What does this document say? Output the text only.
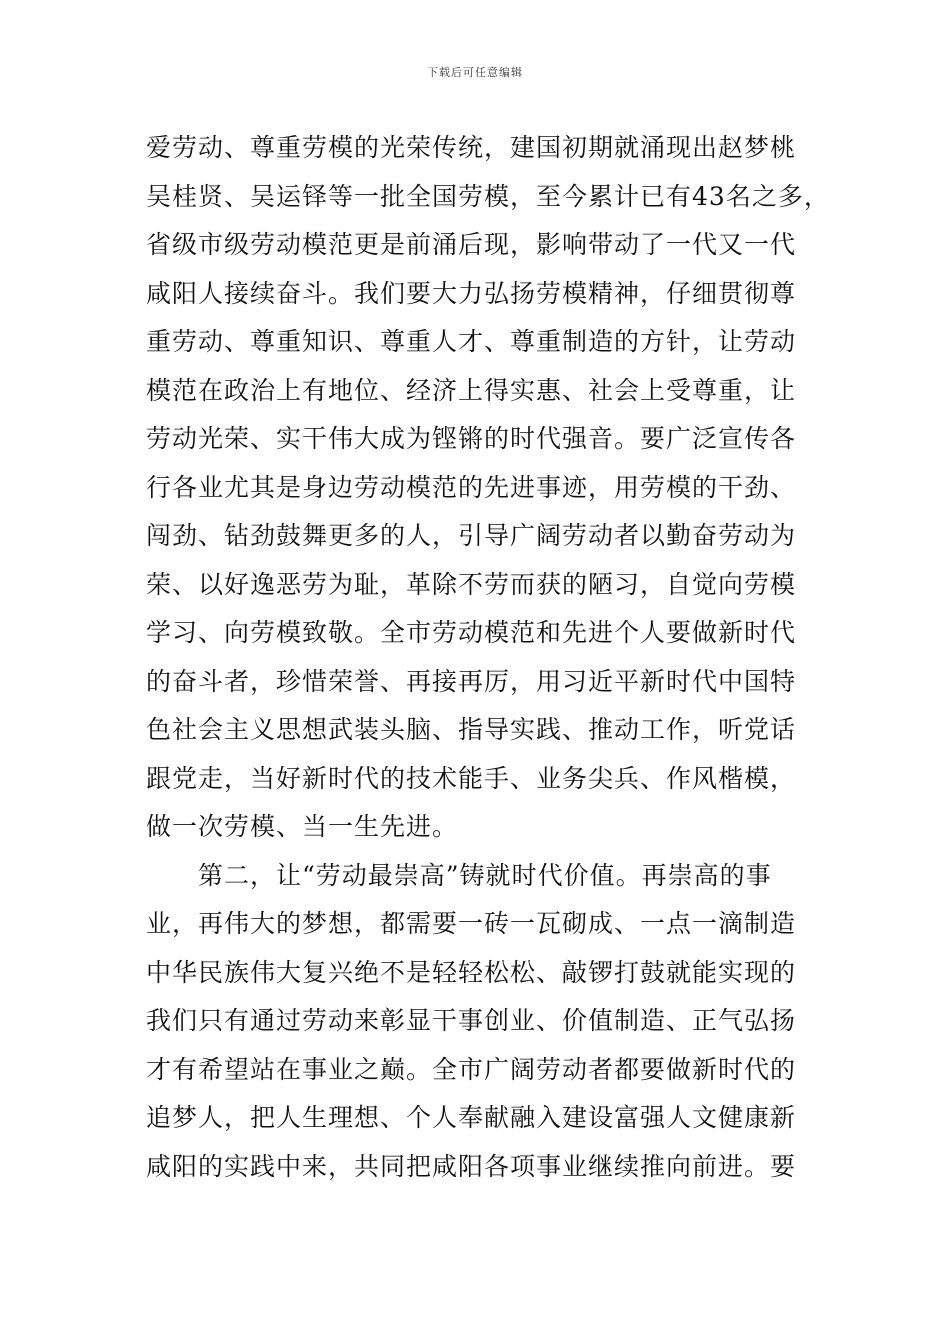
下载后可任意编辑
爱劳动、尊重劳模的光荣传统，建国初期就涌现出赵梦桃
吴桂贤、吴运铎等一批全国劳模，至今累计已有43名之多，
省级市级劳动模范更是前涌后现，影响带动了一代又一代
咸阳人接续奋斗。我们要大力弘扬劳模精神，仔细贯彻尊
重劳动、尊重知识、尊重人才、尊重制造的方针，让劳动
模范在政治上有地位、经济上得实惠、社会上受尊重，让
劳动光荣、实干伟大成为铿锵的时代强音。要广泛宣传各
行各业尤其是身边劳动模范的先进事迹，用劳模的干劲、
闯劲、钻劲鼓舞更多的人，引导广阔劳动者以勤奋劳动为
荣、以好逸恶劳为耻，革除不劳而获的陋习，自觉向劳模
学习、向劳模致敬。全市劳动模范和先进个人要做新时代
的奋斗者，珍惜荣誉、再接再厉，用习近平新时代中国特
色社会主义思想武装头脑、指导实践、推动工作，听党话
跟党走，当好新时代的技术能手、业务尖兵、作风楷模，
做一次劳模、当一生先进。
第二，让“劳动最崇高”铸就时代价值。再崇高的事
业，再伟大的梦想，都需要一砖一瓦砌成、一点一滴制造
中华民族伟大复兴绝不是轻轻松松、敲锣打鼓就能实现的
我们只有通过劳动来彰显干事创业、价值制造、正气弘扬
才有希望站在事业之巅。全市广阔劳动者都要做新时代的
追梦人，把人生理想、个人奉献融入建设富强人文健康新
咸阳的实践中来，共同把咸阳各项事业继续推向前进。要
